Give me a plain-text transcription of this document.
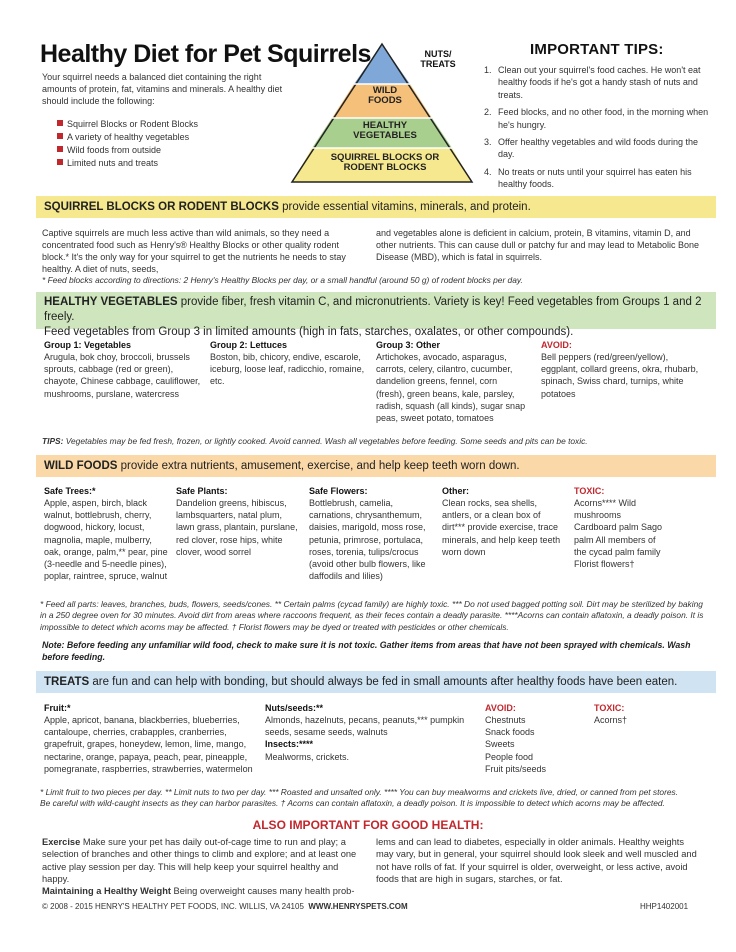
Healthy Diet for Pet Squirrels
Your squirrel needs a balanced diet containing the right amounts of protein, fat, vitamins and minerals. A healthy diet should include the following:
Squirrel Blocks or Rodent Blocks
A variety of healthy vegetables
Wild foods from outside
Limited nuts and treats
NUTS/ TREATS
WILD FOODS
HEALTHY VEGETABLES
SQUIRREL BLOCKS OR RODENT BLOCKS
IMPORTANT TIPS:
1. Clean out your squirrel's food caches. He won't eat healthy foods if he's got a handy stash of nuts and treats.
2. Feed blocks, and no other food, in the morning when he's hungry.
3. Offer healthy vegetables and wild foods during the day.
4. No treats or nuts until your squirrel has eaten his healthy foods.
SQUIRREL BLOCKS OR RODENT BLOCKS provide essential vitamins, minerals, and protein.
Captive squirrels are much less active than wild animals, so they need a concentrated food such as Henry's® Healthy Blocks or other quality rodent block.* It's the only way for your squirrel to get the nutrients he needs to stay healthy. A diet of nuts, seeds,
and vegetables alone is deficient in calcium, protein, B vitamins, vitamin D, and other nutrients. This can cause dull or patchy fur and may lead to Metabolic Bone Disease (MBD), which is fatal in squirrels.
* Feed blocks according to directions: 2 Henry's Healthy Blocks per day, or a small handful (around 50 g) of rodent blocks per day.
HEALTHY VEGETABLES provide fiber, fresh vitamin C, and micronutrients. Variety is key! Feed vegetables from Groups 1 and 2 freely.
Feed vegetables from Group 3 in limited amounts (high in fats, starches, oxalates, or other compounds).
Group 1: Vegetables
Arugula, bok choy, broccoli, brussels sprouts, cabbage (red or green), chayote, Chinese cabbage, cauliflower, mushrooms, purslane, watercress
Group 2: Lettuces
Boston, bib, chicory, endive, escarole, iceburg, loose leaf, radicchio, romaine, etc.
Group 3: Other
Artichokes, avocado, asparagus, carrots, celery, cilantro, cucumber, dandelion greens, fennel, corn (fresh), green beans, kale, parsley, radish, squash (all kinds), sugar snap peas, sweet potato, tomatoes
AVOID:
Bell peppers (red/green/yellow), eggplant, collard greens, okra, rhubarb, spinach, Swiss chard, turnips, white potatoes
TIPS: Vegetables may be fed fresh, frozen, or lightly cooked. Avoid canned. Wash all vegetables before feeding. Some seeds and pits can be toxic.
WILD FOODS provide extra nutrients, amusement, exercise, and help keep teeth worn down.
Safe Trees:*
Apple, aspen, birch, black walnut, bottlebrush, cherry, dogwood, hickory, locust, magnolia, maple, mulberry, oak, orange, palm,** pear, pine (3-needle and 5-needle pines), poplar, raintree, spruce, walnut
Safe Plants:
Dandelion greens, hibiscus, lambsquarters, natal plum, lawn grass, plantain, purslane, red clover, rose hips, white clover, wood sorrel
Safe Flowers:
Bottlebrush, camelia, carnations, chrysanthemum, daisies, marigold, moss rose, petunia, primrose, portulaca, roses, torenia, tulips/crocus (avoid other bulb flowers, like daffodils and lilies)
Other:
Clean rocks, sea shells, antlers, or a clean box of dirt*** provide exercise, trace minerals, and help keep teeth worn down
TOXIC:
Acorns**** Wild mushrooms Cardboard palm Sago palm All members of the cycad palm family Florist flowers†
* Feed all parts: leaves, branches, buds, flowers, seeds/cones. ** Certain palms (cycad family) are highly toxic. *** Do not used bagged potting soil. Dirt may be sterilized by baking in a 250 degree oven for 30 minutes. Avoid dirt from areas where raccoons frequent, as their feces contain a deadly parasite. ****Acorns can contain aflatoxin, a deadly poison. It is impossible to detect which acorns may be affected. † Florist flowers may be dyed or treated with pesticides or other chemicals.
Note: Before feeding any unfamiliar wild food, check to make sure it is not toxic. Gather items from areas that have not been sprayed with chemicals. Wash before feeding.
TREATS are fun and can help with bonding, but should always be fed in small amounts after healthy foods have been eaten.
Fruit:*
Apple, apricot, banana, blackberries, blueberries, cantaloupe, cherries, crabapples, cranberries, grapefruit, grapes, honeydew, lemon, lime, mango, nectarine, orange, papaya, peach, pear, pineapple, pomegranate, raspberries, strawberries, watermelon
Nuts/seeds:**
Almonds, hazelnuts, pecans, peanuts,*** pumpkin seeds, sesame seeds, walnuts
Insects:****
Mealworms, crickets.
AVOID:
Chestnuts
Snack foods
Sweets
People food
Fruit pits/seeds
TOXIC:
Acorns†
* Limit fruit to two pieces per day. ** Limit nuts to two per day. *** Roasted and unsalted only. **** You can buy mealworms and crickets live, dried, or canned from pet stores.
Be careful with wild-caught insects as they can harbor parasites. † Acorns can contain aflatoxin, a deadly poison. It is impossible to detect which acorns may be affected.
ALSO IMPORTANT FOR GOOD HEALTH:
Exercise Make sure your pet has daily out-of-cage time to run and play; a selection of branches and other things to climb and explore; and at least one active play session per day. This will help keep your squirrel healthy and happy.
Maintaining a Healthy Weight Being overweight causes many health prob-
lems and can lead to diabetes, especially in older animals. Healthy weights may vary, but in general, your squirrel should look sleek and well muscled and not have rolls of fat. If your squirrel is older, overweight, or less active, avoid foods that are high in sugars, starches, or fat.
© 2008 - 2015 HENRY'S HEALTHY PET FOODS, INC. WILLIS, VA 24105 WWW.HENRYSPETS.COM	HHP1402001
